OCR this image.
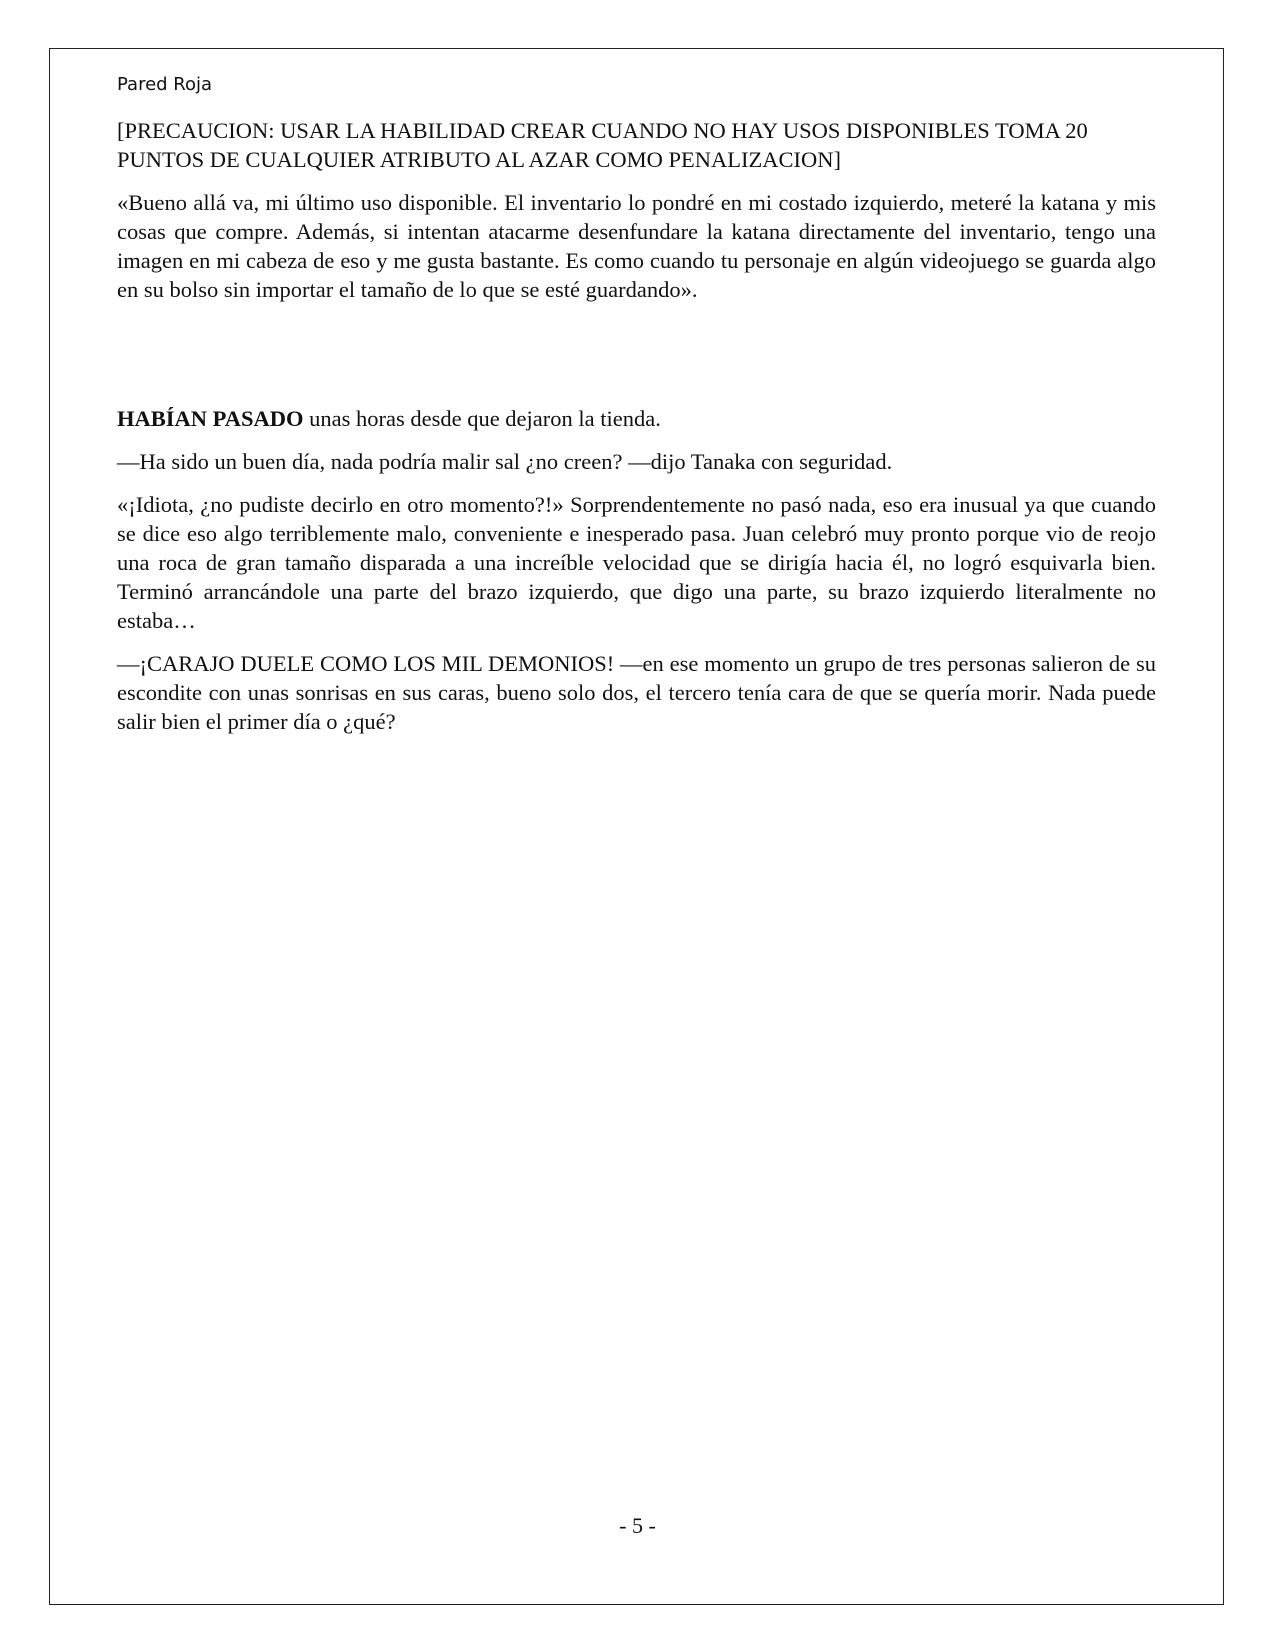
Pared Roja

[PRECAUCION: USAR LA HABILIDAD CREAR CUANDO NO HAY USOS DISPONIBLES TOMA 20 PUNTOS DE CUALQUIER ATRIBUTO AL AZAR COMO PENALIZACION]

«Bueno allá va, mi último uso disponible. El inventario lo pondré en mi costado izquierdo, meteré la katana y mis cosas que compre. Además, si intentan atacarme desenfundare la katana directamente del inventario, tengo una imagen en mi cabeza de eso y me gusta bastante. Es como cuando tu personaje en algún videojuego se guarda algo en su bolso sin importar el tamaño de lo que se esté guardando».

HABÍAN PASADO unas horas desde que dejaron la tienda.

—Ha sido un buen día, nada podría malir sal ¿no creen? —dijo Tanaka con seguridad.

«¡Idiota, ¿no pudiste decirlo en otro momento?!» Sorprendentemente no pasó nada, eso era inusual ya que cuando se dice eso algo terriblemente malo, conveniente e inesperado pasa. Juan celebró muy pronto porque vio de reojo una roca de gran tamaño disparada a una increíble velocidad que se dirigía hacia él, no logró esquivarla bien. Terminó arrancándole una parte del brazo izquierdo, que digo una parte, su brazo izquierdo literalmente no estaba…

—¡CARAJO DUELE COMO LOS MIL DEMONIOS! —en ese momento un grupo de tres personas salieron de su escondite con unas sonrisas en sus caras, bueno solo dos, el tercero tenía cara de que se quería morir. Nada puede salir bien el primer día o ¿qué?

- 5 -
